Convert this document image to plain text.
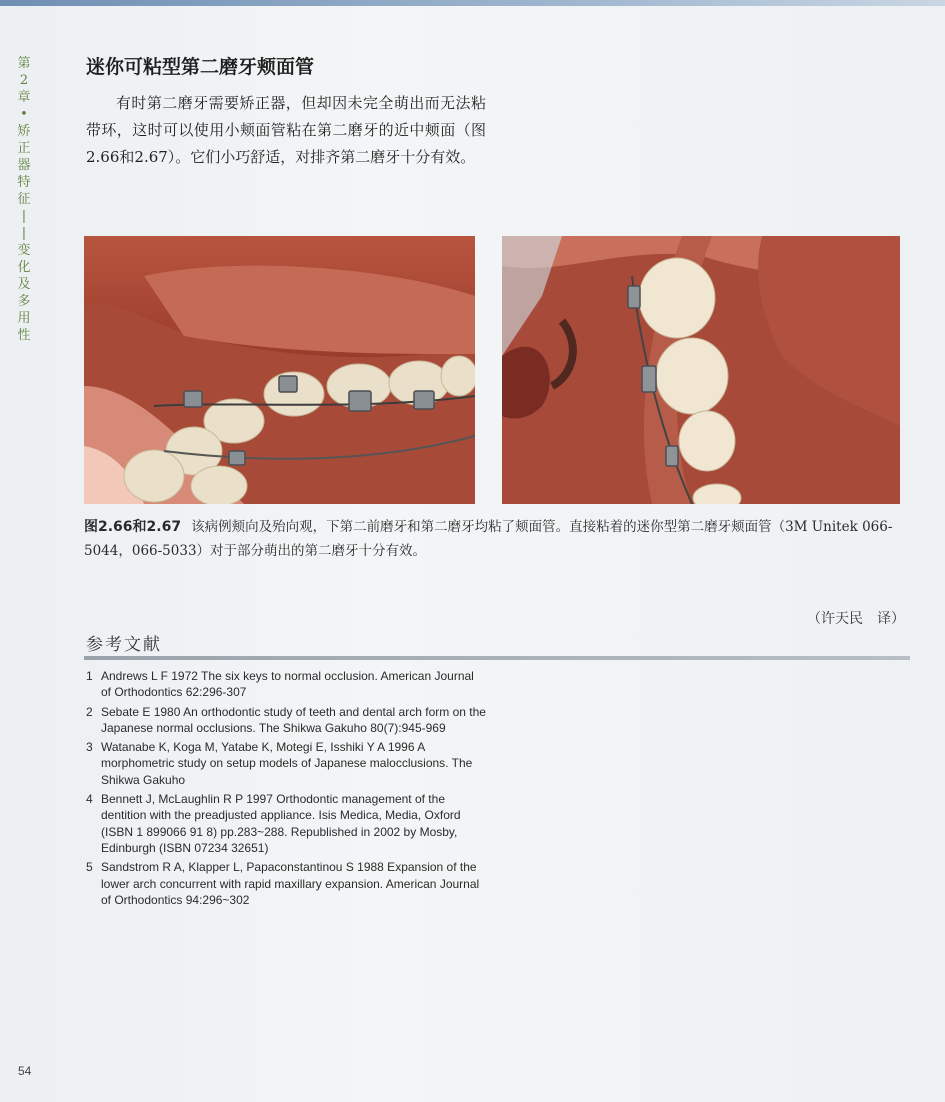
第
2
章
•
矫
正
器
特
征
|
|
变
化
及
多
用
性
迷你可粘型第二磨牙颊面管

有时第二磨牙需要矫正器，但却因未完全萌出而无法粘带环，这时可以使用小颊面管粘在第二磨牙的近中颊面（图2.66和2.67）。它们小巧舒适，对排齐第二磨牙十分有效。

图2.66和2.67 该病例颊向及殆向观，下第二前磨牙和第二磨牙均粘了颊面管。直接粘着的迷你型第二磨牙颊面管（3M Unitek 066-5044，066-5033）对于部分萌出的第二磨牙十分有效。
（许天民　译）
参考文献
1 Andrews L F 1972 The six keys to normal occlusion. American Journal of Orthodontics 62:296-307
2 Sebate E 1980 An orthodontic study of teeth and dental arch form on the Japanese normal occlusions. The Shikwa Gakuho 80(7):945-969
3 Watanabe K, Koga M, Yatabe K, Motegi E, Isshiki Y A 1996 A morphometric study on setup models of Japanese malocclusions. The Shikwa Gakuho
4 Bennett J, McLaughlin R P 1997 Orthodontic management of the dentition with the preadjusted appliance. Isis Medica, Media, Oxford (ISBN 1 899066 91 8) pp.283~288. Republished in 2002 by Mosby, Edinburgh (ISBN 07234 32651)
5 Sandstrom R A, Klapper L, Papaconstantinou S 1988 Expansion of the lower arch concurrent with rapid maxillary expansion. American Journal of Orthodontics 94:296~302
54
